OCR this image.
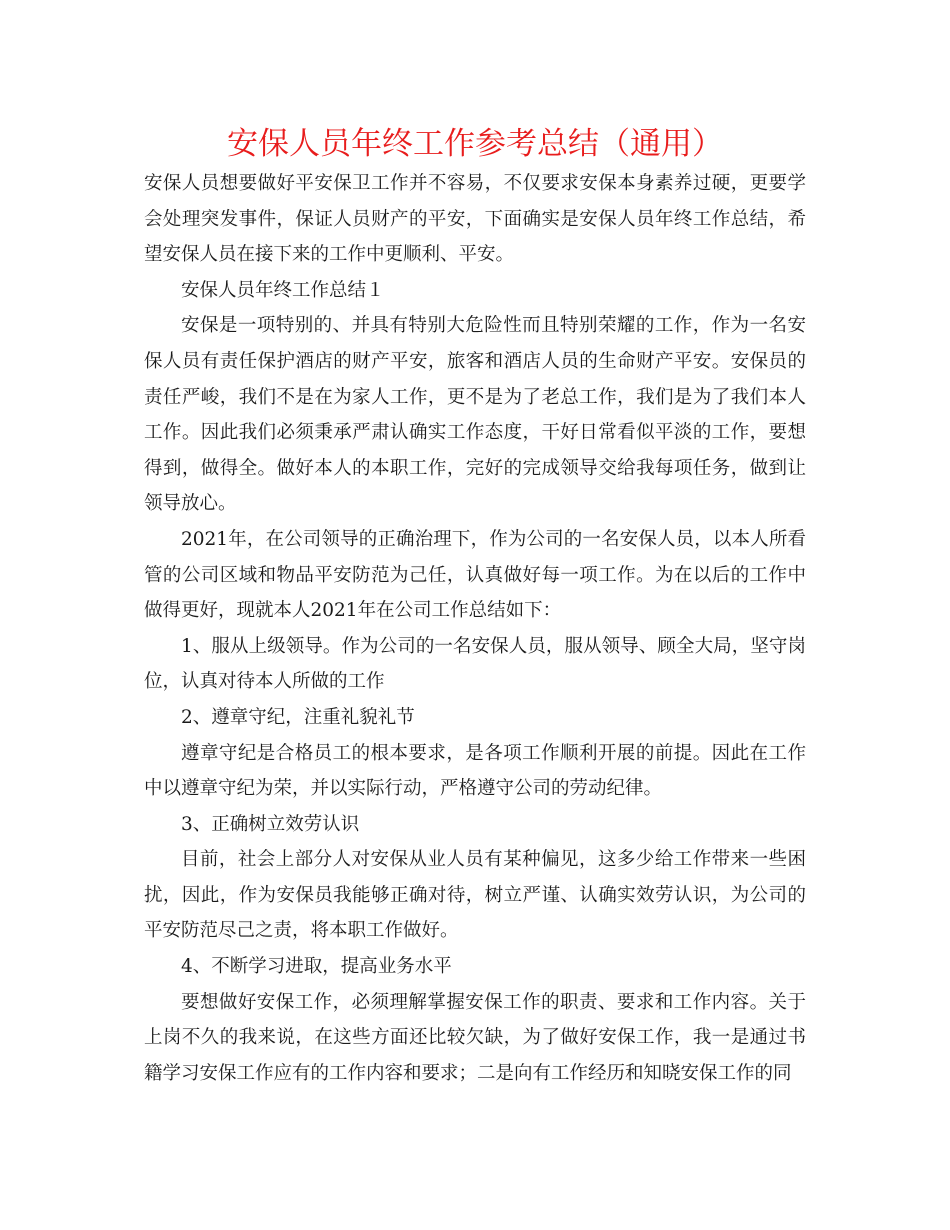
安保人员年终工作参考总结（通用）

安保人员想要做好平安保卫工作并不容易，不仅要求安保本身素养过硬，更要学会处理突发事件，保证人员财产的平安，下面确实是安保人员年终工作总结，希望安保人员在接下来的工作中更顺利、平安。

安保人员年终工作总结１

安保是一项特别的、并具有特别大危险性而且特别荣耀的工作，作为一名安保人员有责任保护酒店的财产平安，旅客和酒店人员的生命财产平安。安保员的责任严峻，我们不是在为家人工作，更不是为了老总工作，我们是为了我们本人工作。因此我们必须秉承严肃认确实工作态度，干好日常看似平淡的工作，要想得到，做得全。做好本人的本职工作，完好的完成领导交给我每项任务，做到让领导放心。

2021年，在公司领导的正确治理下，作为公司的一名安保人员，以本人所看管的公司区域和物品平安防范为己任，认真做好每一项工作。为在以后的工作中做得更好，现就本人2021年在公司工作总结如下：

1、服从上级领导。作为公司的一名安保人员，服从领导、顾全大局，坚守岗位，认真对待本人所做的工作

2、遵章守纪，注重礼貌礼节

遵章守纪是合格员工的根本要求，是各项工作顺利开展的前提。因此在工作中以遵章守纪为荣，并以实际行动，严格遵守公司的劳动纪律。

3、正确树立效劳认识

目前，社会上部分人对安保从业人员有某种偏见，这多少给工作带来一些困扰，因此，作为安保员我能够正确对待，树立严谨、认确实效劳认识，为公司的平安防范尽己之责，将本职工作做好。

4、不断学习进取，提高业务水平

要想做好安保工作，必须理解掌握安保工作的职责、要求和工作内容。关于上岗不久的我来说，在这些方面还比较欠缺，为了做好安保工作，我一是通过书籍学习安保工作应有的工作内容和要求；二是向有工作经历和知晓安保工作的同
